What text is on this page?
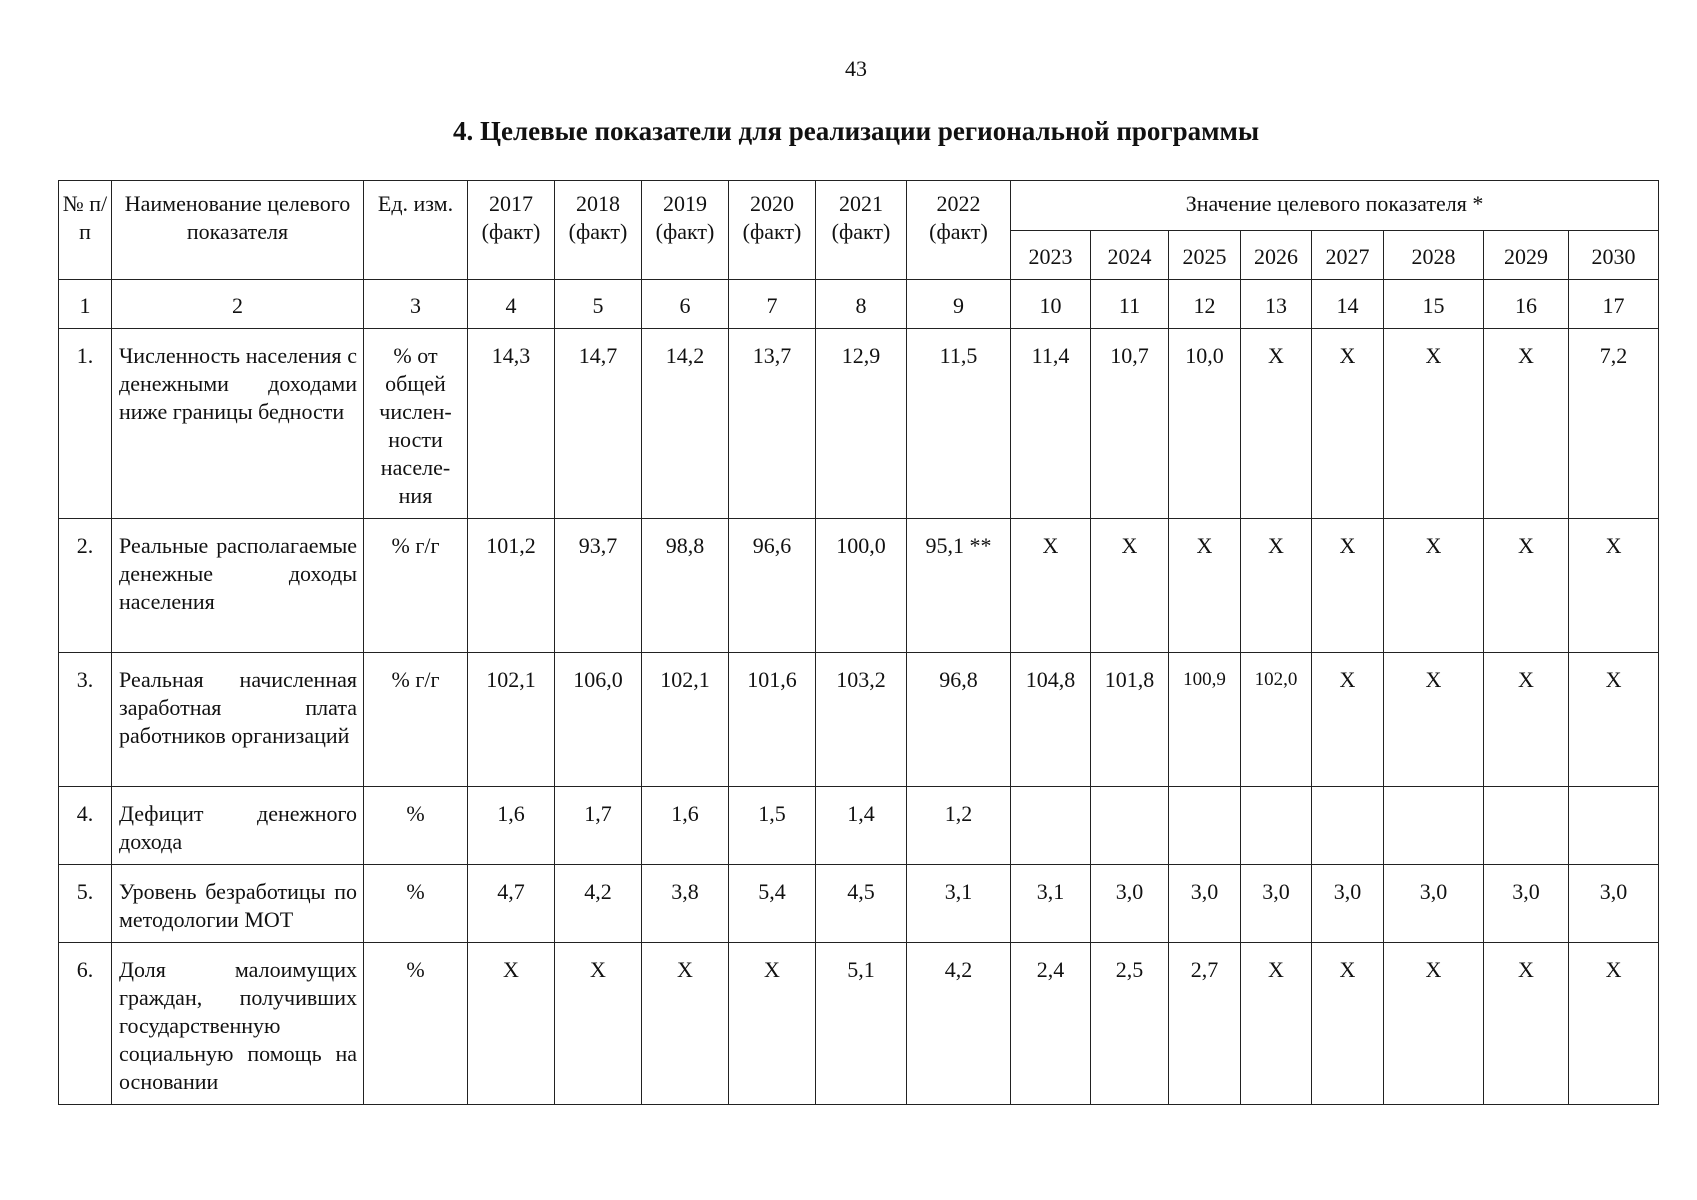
43
4. Целевые показатели для реализации региональной программы
№ п/п	Наименование целевого показателя	Ед. изм.	2017 (факт)	2018 (факт)	2019 (факт)	2020 (факт)	2021 (факт)	2022 (факт)	Значение целевого показателя *							
									2023	2024	2025	2026	2027	2028	2029	2030
1	2	3	4	5	6	7	8	9	10	11	12	13	14	15	16	17
1.	Численность населения с денежными доходами ниже границы бедности	% от общей числен-ности населе-ния	14,3	14,7	14,2	13,7	12,9	11,5	11,4	10,7	10,0	Х	Х	Х	Х	7,2
2.	Реальные располагаемые денежные доходы населения	% г/г	101,2	93,7	98,8	96,6	100,0	95,1 **	Х	Х	Х	Х	Х	Х	Х	Х
3.	Реальная начисленная заработная плата работников организаций	% г/г	102,1	106,0	102,1	101,6	103,2	96,8	104,8	101,8	100,9	102,0	Х	Х	Х	Х
4.	Дефицит денежного дохода	%	1,6	1,7	1,6	1,5	1,4	1,2								
5.	Уровень безработицы по методологии МОТ	%	4,7	4,2	3,8	5,4	4,5	3,1	3,1	3,0	3,0	3,0	3,0	3,0	3,0	3,0
6.	Доля малоимущих граждан, получивших государственную социальную помощь на основании	%	Х	Х	Х	Х	5,1	4,2	2,4	2,5	2,7	Х	Х	Х	Х	Х
